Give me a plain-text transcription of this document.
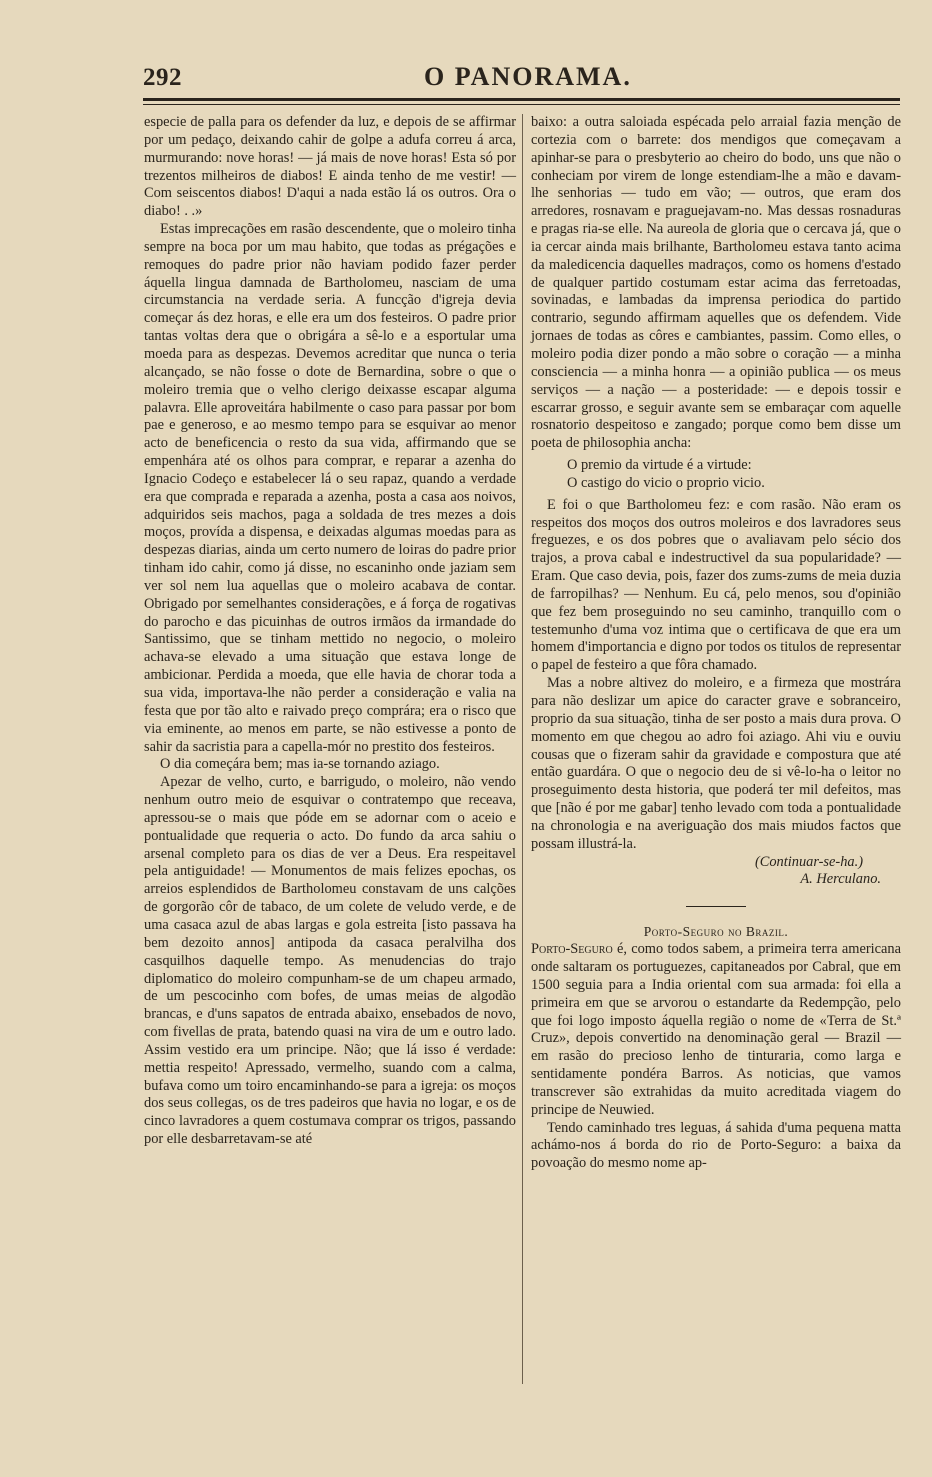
292	O PANORAMA.

especie de palla para os defender da luz, e depois de se affirmar por um pedaço, deixando cahir de golpe a adufa correu á arca, murmurando: nove horas! — já mais de nove horas! Esta só por trezentos milheiros de diabos! E ainda tenho de me vestir! — Com seiscentos diabos! D'aqui a nada estão lá os outros. Ora o diabo! . .»

Estas imprecações em rasão descendente, que o moleiro tinha sempre na boca por um mau habito, que todas as prégações e remoques do padre prior não haviam podido fazer perder áquella lingua damnada de Bartholomeu, nasciam de uma circumstancia na verdade seria. A funcção d'igreja devia começar ás dez horas, e elle era um dos festeiros. O padre prior tantas voltas dera que o obrigára a sê-lo e a esportular uma moeda para as despezas. Devemos acreditar que nunca o teria alcançado, se não fosse o dote de Bernardina, sobre o que o moleiro tremia que o velho clerigo deixasse escapar alguma palavra. Elle aproveitára habilmente o caso para passar por bom pae e generoso, e ao mesmo tempo para se esquivar ao menor acto de beneficencia o resto da sua vida, affirmando que se empenhára até os olhos para comprar, e reparar a azenha do Ignacio Codeço e estabelecer lá o seu rapaz, quando a verdade era que comprada e reparada a azenha, posta a casa aos noivos, adquiridos seis machos, paga a soldada de tres mezes a dois moços, provída a dispensa, e deixadas algumas moedas para as despezas diarias, ainda um certo numero de loiras do padre prior tinham ido cahir, como já disse, no escaninho onde jaziam sem ver sol nem lua aquellas que o moleiro acabava de contar. Obrigado por semelhantes considerações, e á força de rogativas do parocho e das picuinhas de outros irmãos da irmandade do Santissimo, que se tinham mettido no negocio, o moleiro achava-se elevado a uma situação que estava longe de ambicionar. Perdida a moeda, que elle havia de chorar toda a sua vida, importava-lhe não perder a consideração e valia na festa que por tão alto e raivado preço comprára; era o risco que via eminente, ao menos em parte, se não estivesse a ponto de sahir da sacristia para a capella-mór no prestito dos festeiros.

O dia começára bem; mas ia-se tornando aziago.

Apezar de velho, curto, e barrigudo, o moleiro, não vendo nenhum outro meio de esquivar o contratempo que receava, apressou-se o mais que póde em se adornar com o aceio e pontualidade que requeria o acto. Do fundo da arca sahiu o arsenal completo para os dias de ver a Deus. Era respeitavel pela antiguidade! — Monumentos de mais felizes epochas, os arreios esplendidos de Bartholomeu constavam de uns calções de gorgorão côr de tabaco, de um colete de veludo verde, e de uma casaca azul de abas largas e gola estreita [isto passava ha bem dezoito annos] antipoda da casaca peralvilha dos casquilhos daquelle tempo. As menudencias do trajo diplomatico do moleiro compunham-se de um chapeu armado, de um pescocinho com bofes, de umas meias de algodão brancas, e d'uns sapatos de entrada abaixo, ensebados de novo, com fivellas de prata, batendo quasi na vira de um e outro lado. Assim vestido era um principe. Não; que lá isso é verdade: mettia respeito! Apressado, vermelho, suando com a calma, bufava como um toiro encaminhando-se para a igreja: os moços dos seus collegas, os de tres padeiros que havia no logar, e os de cinco lavradores a quem costumava comprar os trigos, passando por elle desbarretavam-se até

baixo: a outra saloiada espécada pelo arraial fazia menção de cortezia com o barrete: dos mendigos que começavam a apinhar-se para o presbyterio ao cheiro do bodo, uns que não o conheciam por virem de longe estendiam-lhe a mão e davam-lhe senhorias — tudo em vão; — outros, que eram dos arredores, rosnavam e praguejavam-no. Mas dessas rosnaduras e pragas ria-se elle. Na aureola de gloria que o cercava já, que o ia cercar ainda mais brilhante, Bartholomeu estava tanto acima da maledicencia daquelles madraços, como os homens d'estado de qualquer partido costumam estar acima das ferretoadas, sovinadas, e lambadas da imprensa periodica do partido contrario, segundo affirmam aquelles que os defendem. Vide jornaes de todas as côres e cambiantes, passim. Como elles, o moleiro podia dizer pondo a mão sobre o coração — a minha consciencia — a minha honra — a opinião publica — os meus serviços — a nação — a posteridade: — e depois tossir e escarrar grosso, e seguir avante sem se embaraçar com aquelle rosnatorio despeitoso e zangado; porque como bem disse um poeta de philosophia ancha:

O premio da virtude é a virtude:

O castigo do vicio o proprio vicio.

E foi o que Bartholomeu fez: e com rasão. Não eram os respeitos dos moços dos outros moleiros e dos lavradores seus freguezes, e os dos pobres que o avaliavam pelo sécio dos trajos, a prova cabal e indestructivel da sua popularidade? — Eram. Que caso devia, pois, fazer dos zums-zums de meia duzia de farropilhas? — Nenhum. Eu cá, pelo menos, sou d'opinião que fez bem proseguindo no seu caminho, tranquillo com o testemunho d'uma voz intima que o certificava de que era um homem d'importancia e digno por todos os titulos de representar o papel de festeiro a que fôra chamado.

Mas a nobre altivez do moleiro, e a firmeza que mostrára para não deslizar um apice do caracter grave e sobranceiro, proprio da sua situação, tinha de ser posto a mais dura prova. O momento em que chegou ao adro foi aziago. Ahi viu e ouviu cousas que o fizeram sahir da gravidade e compostura que até então guardára. O que o negocio deu de si vê-lo-ha o leitor no proseguimento desta historia, que poderá ter mil defeitos, mas que [não é por me gabar] tenho levado com toda a pontualidade na chronologia e na averiguação dos mais miudos factos que possam illustrá-la.

(Continuar-se-ha.)

A. Herculano.

Porto-Seguro no Brazil.

Porto-Seguro é, como todos sabem, a primeira terra americana onde saltaram os portuguezes, capitaneados por Cabral, que em 1500 seguia para a India oriental com sua armada: foi ella a primeira em que se arvorou o estandarte da Redempção, pelo que foi logo imposto áquella região o nome de «Terra de St.ª Cruz», depois convertido na denominação geral — Brazil — em rasão do precioso lenho de tinturaria, como larga e sentidamente pondéra Barros. As noticias, que vamos transcrever são extrahidas da muito acreditada viagem do principe de Neuwied.

Tendo caminhado tres leguas, á sahida d'uma pequena matta achámo-nos á borda do rio de Porto-Seguro: a baixa da povoação do mesmo nome ap-
